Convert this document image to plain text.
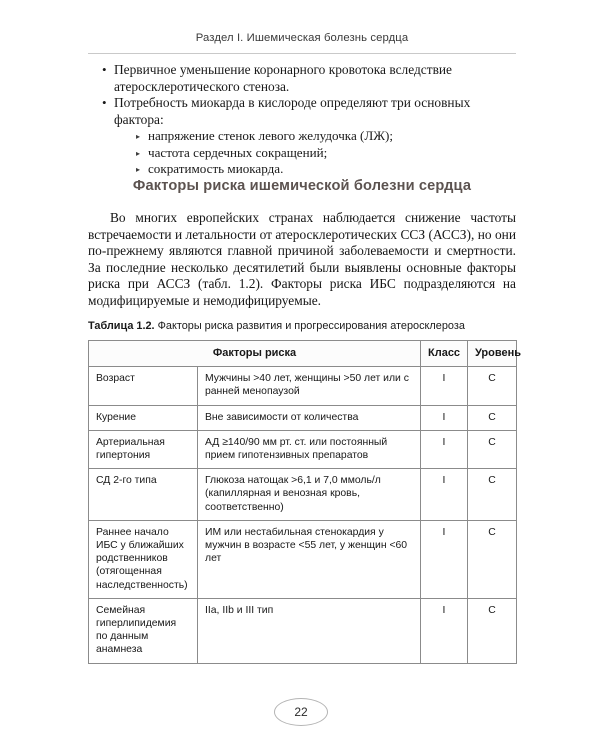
Раздел I. Ишемическая болезнь сердца
• Первичное уменьшение коронарного кровотока вследствие атеросклеротического стеноза.
• Потребность миокарда в кислороде определяют три основных фактора:
▸ напряжение стенок левого желудочка (ЛЖ);
▸ частота сердечных сокращений;
▸ сократимость миокарда.
Факторы риска ишемической болезни сердца
Во многих европейских странах наблюдается снижение частоты встречаемости и летальности от атеросклеротических ССЗ (АССЗ), но они по-прежнему являются главной причиной заболеваемости и смертности. За последние несколько десятилетий были выявлены основные факторы риска при АССЗ (табл. 1.2). Факторы риска ИБС подразделяются на модифицируемые и немодифицируемые.
Таблица 1.2. Факторы риска развития и прогрессирования атеросклероза
Факторы риска		Класс	Уровень
Возраст	Мужчины >40 лет, женщины >50 лет или с ранней менопаузой	I	C
Курение	Вне зависимости от количества	I	C
Артериальная гипертония	АД ≥140/90 мм рт. ст. или постоянный прием гипотензивных препаратов	I	C
СД 2-го типа	Глюкоза натощак >6,1 и 7,0 ммоль/л (капиллярная и венозная кровь, соответственно)	I	C
Раннее начало ИБС у ближайших родственников (отягощенная наследственность)	ИМ или нестабильная стенокардия у мужчин в возрасте <55 лет, у женщин <60 лет	I	C
Семейная гиперлипидемия по данным анамнеза	IIa, IIb и III тип	I	C
22
